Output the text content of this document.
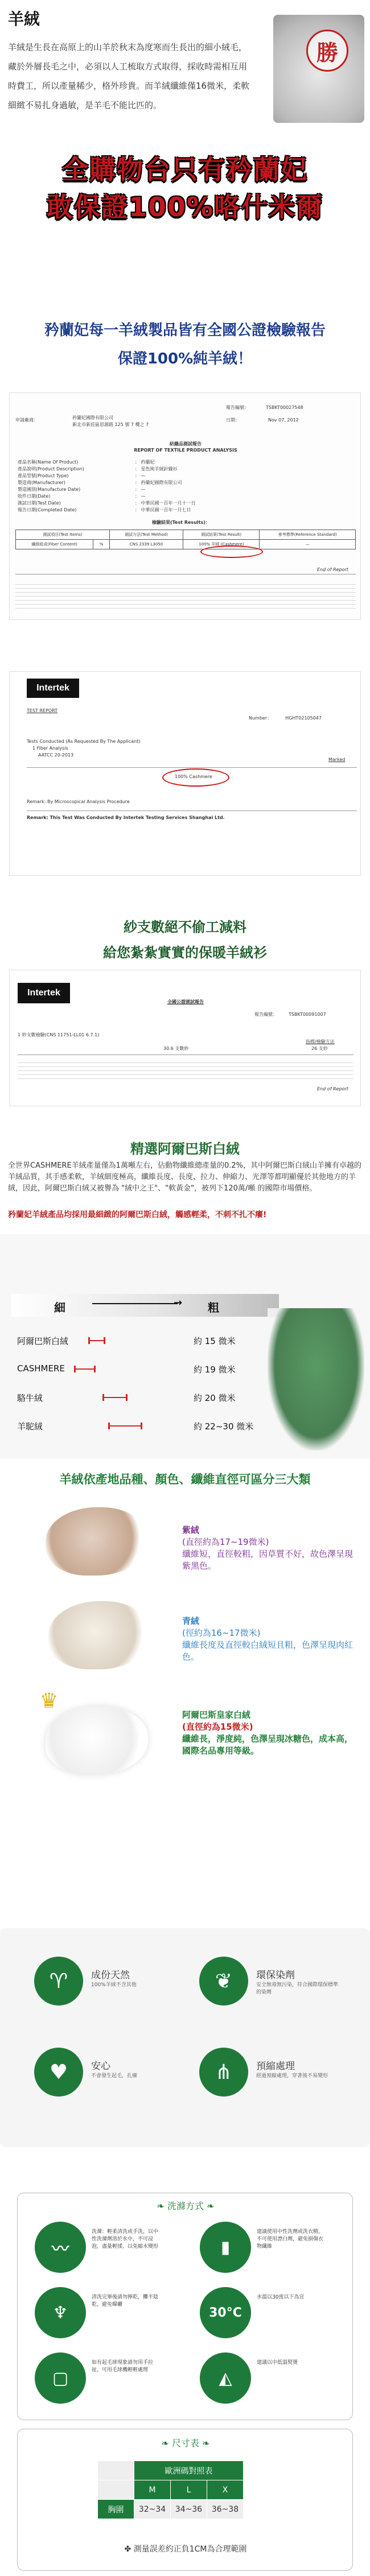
羊絨
羊絨是生長在高原上的山羊於秋末為度寒而生長出的細小絨毛，藏於外層長毛之中，必須以人工梳取方式取得，採收時需相互用時費工，所以產量稀少，格外珍貴。而羊絨纖維僅16微米，柔軟細緻不易扎身過敏，是羊毛不能比匹的。
勝
全購物台只有矜蘭妃
敢保證100%咯什米爾
矜蘭妃每一羊絨製品皆有全國公證檢驗報告
保證100%純羊絨！
報告編號：	TSBKT00027548
日期：	Nov 07, 2012
申請廠商：	矜蘭妃國際有限公司
新北市新莊區思源路 125 號 7 樓之 7
紡織品測試報告
REPORT OF TEXTILE PRODUCT ANALYSIS
產品名稱(Name Of Product)	： 矜蘭妃
產品說明(Product Description)	： 星色純羊絨針織衫
產品型號(Product Type)	： —
製造商(Manufacturer)	： 矜蘭妃國際有限公司
製造國別(Manufacture Date)	： —
收件日期(Date)	： —
測試日期(Test Date)	： 中華民國一百年一月十一日
報告日期(Completed Date)	： 中華民國一百年一月七日
檢驗結果(Test Results)：
測試項目(Test Items)		測試方法(Test Method)	測試結果(Test Result)	參考標準(Reference Standard)
纖維組成(Fiber Content)	%	CNS 2339 L3050	100% 羊絨 (Cashmere)	—
End of Report
Intertek
TEST REPORT
Number：	HGHT02105047
Tests Conducted (As Requested By The Applicant)
1 Fiber Analysis
AATCC 20-2013
Marked
100% Cashmere
Remark: By Microscopical Analysis Procedure
Remark: This Test Was Conducted By Intertek Testing Services Shanghai Ltd.
紗支數絕不偷工減料
給您紮紮實實的保暖羊絨衫
Intertek
全國公證測試報告
報告編號：	TSBKT00091007
1 紗支數檢驗(CNS 11751-LL01 6.7.1)
30.6 支數紗
指標/檢驗方法
26 支紗
End of Report
精選阿爾巴斯白絨
全世界CASHMERE羊絨產量僅為1萬噸左右，佔動物纖維總產量的0.2%，其中阿爾巴斯白絨山羊擁有卓越的羊絨品質，其手感柔軟，羊絨細度極高，纖維長度、長度、拉力、伸縮力、光澤等都明顯優於其他地方的羊絨，因此，阿爾巴斯白絨又被譽為 "絨中之王"、"軟黃金"，被列下120萬/噸 的國際市場價格。
矜蘭妃羊絨產品均採用最細緻的阿爾巴斯白絨，觸感輕柔，不刺不扎不癢!
細	→ 粗
阿爾巴斯白絨	約 15 微米
CASHMERE	約 19 微米
駱牛絨	約 20 微米
羊駝絨	約 22~30 微米
羊絨依產地品種、顏色、纖維直徑可區分三大類
紫絨
(直徑約為17~19微米)
纖維短，直徑較粗，因草質不好，故色澤呈現紫黑色。
青絨
(徑約為16~17微米)
纖維長度及直徑較白絨短且粗，色澤呈現肉紅色。
♛
阿爾巴斯皇家白絨
(直徑約為15微米)
纖維長，淨度純，色澤呈現冰糖色，成本高，國際名品專用等級。
♈	成份天然
100%羊絨不含其他	❦	環保染劑
安全無毒無污染，符合國際環保標準的染劑
♥	安心
不會發生起毛，扎癢	⋔	預縮處理
經過預縮處理，穿著後不易變形
❧ 洗滌方式 ❧
〰
洗滌：輕柔清洗或手洗，以中性洗滌劑溶於水中，不可浸泡，盡量輕揉，以免縮水變形	▮
建議使用中性洗劑或洗衣精，不可使用漂白劑，避免損傷衣物纖維
♆
清洗完畢後請勿擰乾，攤平陰乾，避免曝曬
30°C
水溫以30度以下為宜
▢
如有起毛球現象請勿用手拉扯，可用毛球機輕輕處理	◭
建議以中低溫熨燙
❧ 尺寸表 ❧
	歐洲碼對照表		
	M	L	X
胸圍	32~34	34~36	36~38
✤ 測量誤差約正負1CM為合理範圍
